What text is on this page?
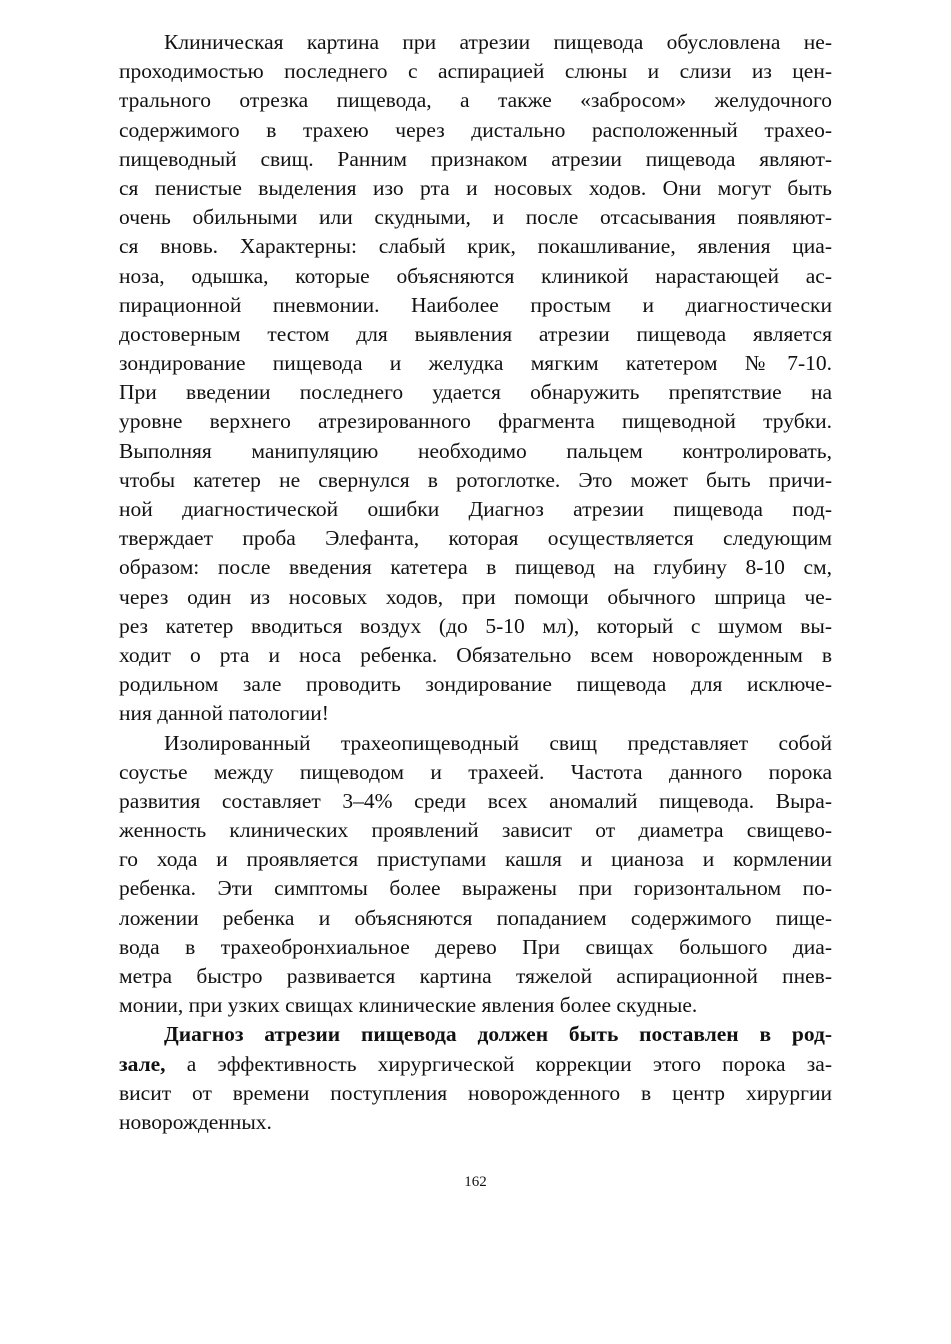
Клиническая картина при атрезии пищевода обусловлена не-
проходимостью последнего с аспирацией слюны и слизи из цен-
трального отрезка пищевода, а также «забросом» желудочного
содержимого в трахею через дистально расположенный трахео-
пищеводный свищ. Ранним признаком атрезии пищевода являют-
ся пенистые выделения изо рта и носовых ходов. Они могут быть
очень обильными или скудными, и после отсасывания появляют-
ся вновь. Характерны: слабый крик, покашливание, явления циа-
ноза, одышка, которые объясняются клиникой нарастающей ас-
пирационной пневмонии. Наиболее простым и диагностически
достоверным тестом для выявления атрезии пищевода является
зондирование пищевода и желудка мягким катетером №7-10.
При введении последнего удается обнаружить препятствие на
уровне верхнего атрезированного фрагмента пищеводной трубки.
Выполняя манипуляцию необходимо пальцем контролировать,
чтобы катетер не свернулся в ротоглотке. Это может быть причи-
ной диагностической ошибки Диагноз атрезии пищевода под-
тверждает проба Элефанта, которая осуществляется следующим
образом: после введения катетера в пищевод на глубину 8-10 см,
через один из носовых ходов, при помощи обычного шприца че-
рез катетер вводиться воздух (до 5-10 мл), который с шумом вы-
ходит о рта и носа ребенка. Обязательно всем новорожденным в
родильном зале проводить зондирование пищевода для исключе-
ния данной патологии!
Изолированный трахеопищеводный свищ представляет собой
соустье между пищеводом и трахеей. Частота данного порока
развития составляет 3–4% среди всех аномалий пищевода. Выра-
женность клинических проявлений зависит от диаметра свищево-
го хода и проявляется приступами кашля и цианоза и кормлении
ребенка. Эти симптомы более выражены при горизонтальном по-
ложении ребенка и объясняются попаданием содержимого пище-
вода в трахеобронхиальное дерево При свищах большого диа-
метра быстро развивается картина тяжелой аспирационной пнев-
монии, при узких свищах клинические явления более скудные.
Диагноз атрезии пищевода должен быть поставлен в род-
зале, а эффективность хирургической коррекции этого порока за-
висит от времени поступления новорожденного в центр хирургии
новорожденных.
162
